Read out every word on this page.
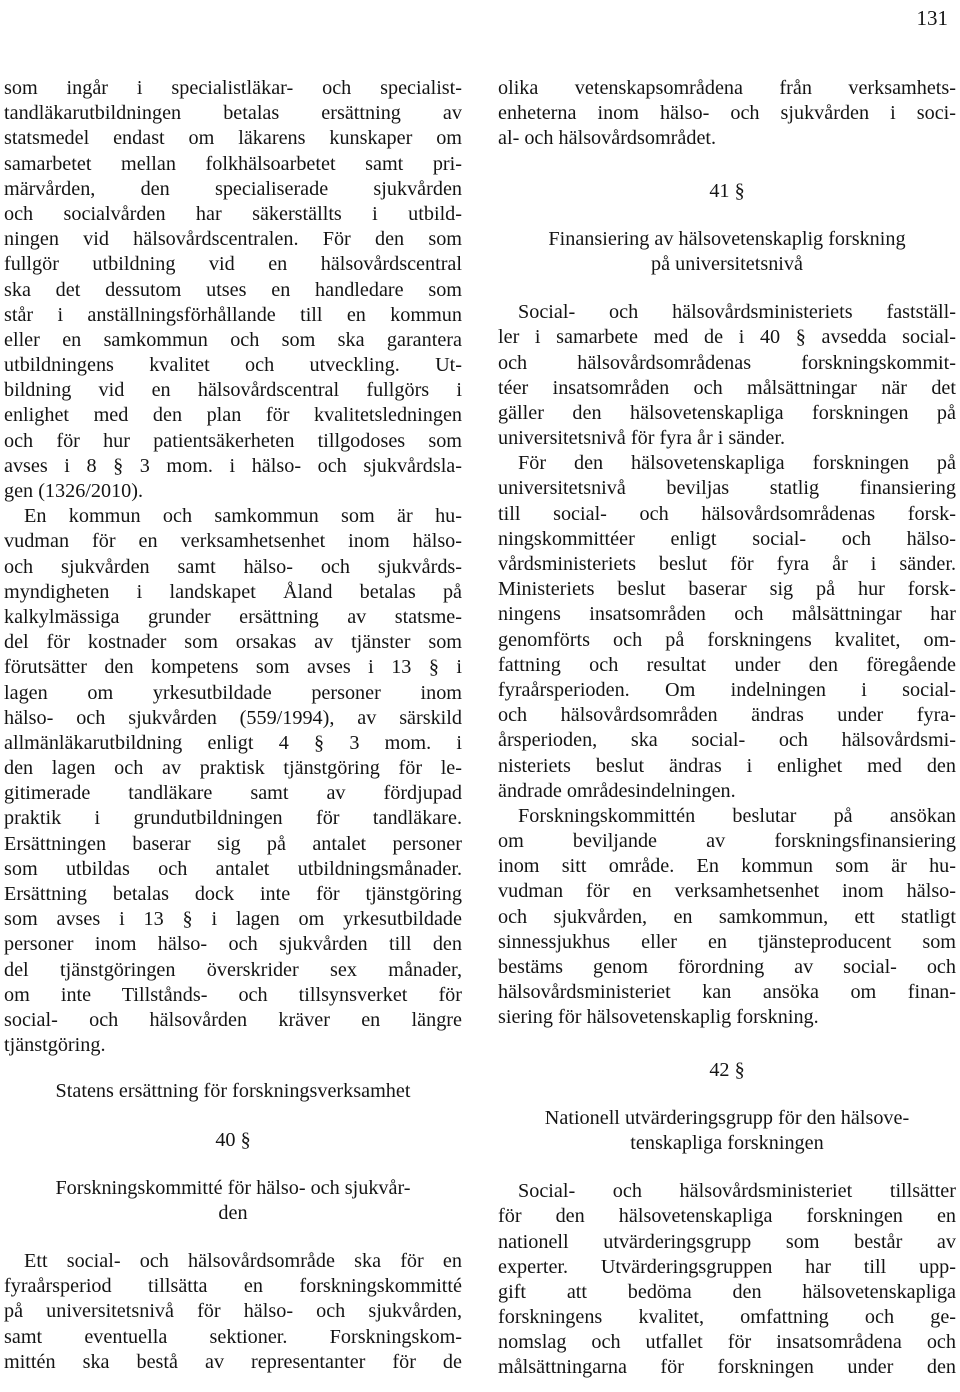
131
som ingår i specialistläkar- och specialist-
tandläkarutbildningen betalas ersättning av
statsmedel endast om läkarens kunskaper om
samarbetet mellan folkhälsoarbetet samt pri-
märvården, den specialiserade sjukvården
och socialvården har säkerställts i utbild-
ningen vid hälsovårdscentralen. För den som
fullgör utbildning vid en hälsovårdscentral
ska det dessutom utses en handledare som
står i anställningsförhållande till en kommun
eller en samkommun och som ska garantera
utbildningens kvalitet och utveckling. Ut-
bildning vid en hälsovårdscentral fullgörs i
enlighet med den plan för kvalitetsledningen
och för hur patientsäkerheten tillgodoses som
avses i 8 § 3 mom. i hälso- och sjukvårdsla-
gen (1326/2010).
En kommun och samkommun som är hu-
vudman för en verksamhetsenhet inom hälso-
och sjukvården samt hälso- och sjukvårds-
myndigheten i landskapet Åland betalas på
kalkylmässiga grunder ersättning av statsme-
del för kostnader som orsakas av tjänster som
förutsätter den kompetens som avses i 13 § i
lagen om yrkesutbildade personer inom
hälso- och sjukvården (559/1994), av särskild
allmänläkarutbildning enligt 4 § 3 mom. i
den lagen och av praktisk tjänstgöring för le-
gitimerade tandläkare samt av fördjupad
praktik i grundutbildningen för tandläkare.
Ersättningen baserar sig på antalet personer
som utbildas och antalet utbildningsmånader.
Ersättning betalas dock inte för tjänstgöring
som avses i 13 § i lagen om yrkesutbildade
personer inom hälso- och sjukvården till den
del tjänstgöringen överskrider sex månader,
om inte Tillstånds- och tillsynsverket för
social- och hälsovården kräver en längre
tjänstgöring.
Statens ersättning för forskningsverksamhet
40 §
Forskningskommitté för hälso- och sjukvår-
den
Ett social- och hälsovårdsområde ska för en
fyraårsperiod tillsätta en forskningskommitté
på universitetsnivå för hälso- och sjukvården,
samt eventuella sektioner. Forskningskom-
mittén ska bestå av representanter för de
olika vetenskapsområdena från verksamhets-
enheterna inom hälso- och sjukvården i soci-
al- och hälsovårdsområdet.
41 §
Finansiering av hälsovetenskaplig forskning
på universitetsnivå
Social- och hälsovårdsministeriets fastställ-
ler i samarbete med de i 40 § avsedda social-
och hälsovårdsområdenas forskningskommit-
téer insatsområden och målsättningar när det
gäller den hälsovetenskapliga forskningen på
universitetsnivå för fyra år i sänder.
För den hälsovetenskapliga forskningen på
universitetsnivå beviljas statlig finansiering
till social- och hälsovårdsområdenas forsk-
ningskommittéer enligt social- och hälso-
vårdsministeriets beslut för fyra år i sänder.
Ministeriets beslut baserar sig på hur forsk-
ningens insatsområden och målsättningar har
genomförts och på forskningens kvalitet, om-
fattning och resultat under den föregående
fyraårsperioden. Om indelningen i social-
och hälsovårdsområden ändras under fyra-
årsperioden, ska social- och hälsovårdsmi-
nisteriets beslut ändras i enlighet med den
ändrade områdesindelningen.
Forskningskommittén beslutar på ansökan
om beviljande av forskningsfinansiering
inom sitt område. En kommun som är hu-
vudman för en verksamhetsenhet inom hälso-
och sjukvården, en samkommun, ett statligt
sinnessjukhus eller en tjänsteproducent som
bestäms genom förordning av social- och
hälsovårdsministeriet kan ansöka om finan-
siering för hälsovetenskaplig forskning.
42 §
Nationell utvärderingsgrupp för den hälsove-
tenskapliga forskningen
Social- och hälsovårdsministeriet tillsätter
för den hälsovetenskapliga forskningen en
nationell utvärderingsgrupp som består av
experter. Utvärderingsgruppen har till upp-
gift att bedöma den hälsovetenskapliga
forskningens kvalitet, omfattning och ge-
nomslag och utfallet för insatsområdena och
målsättningarna för forskningen under den
